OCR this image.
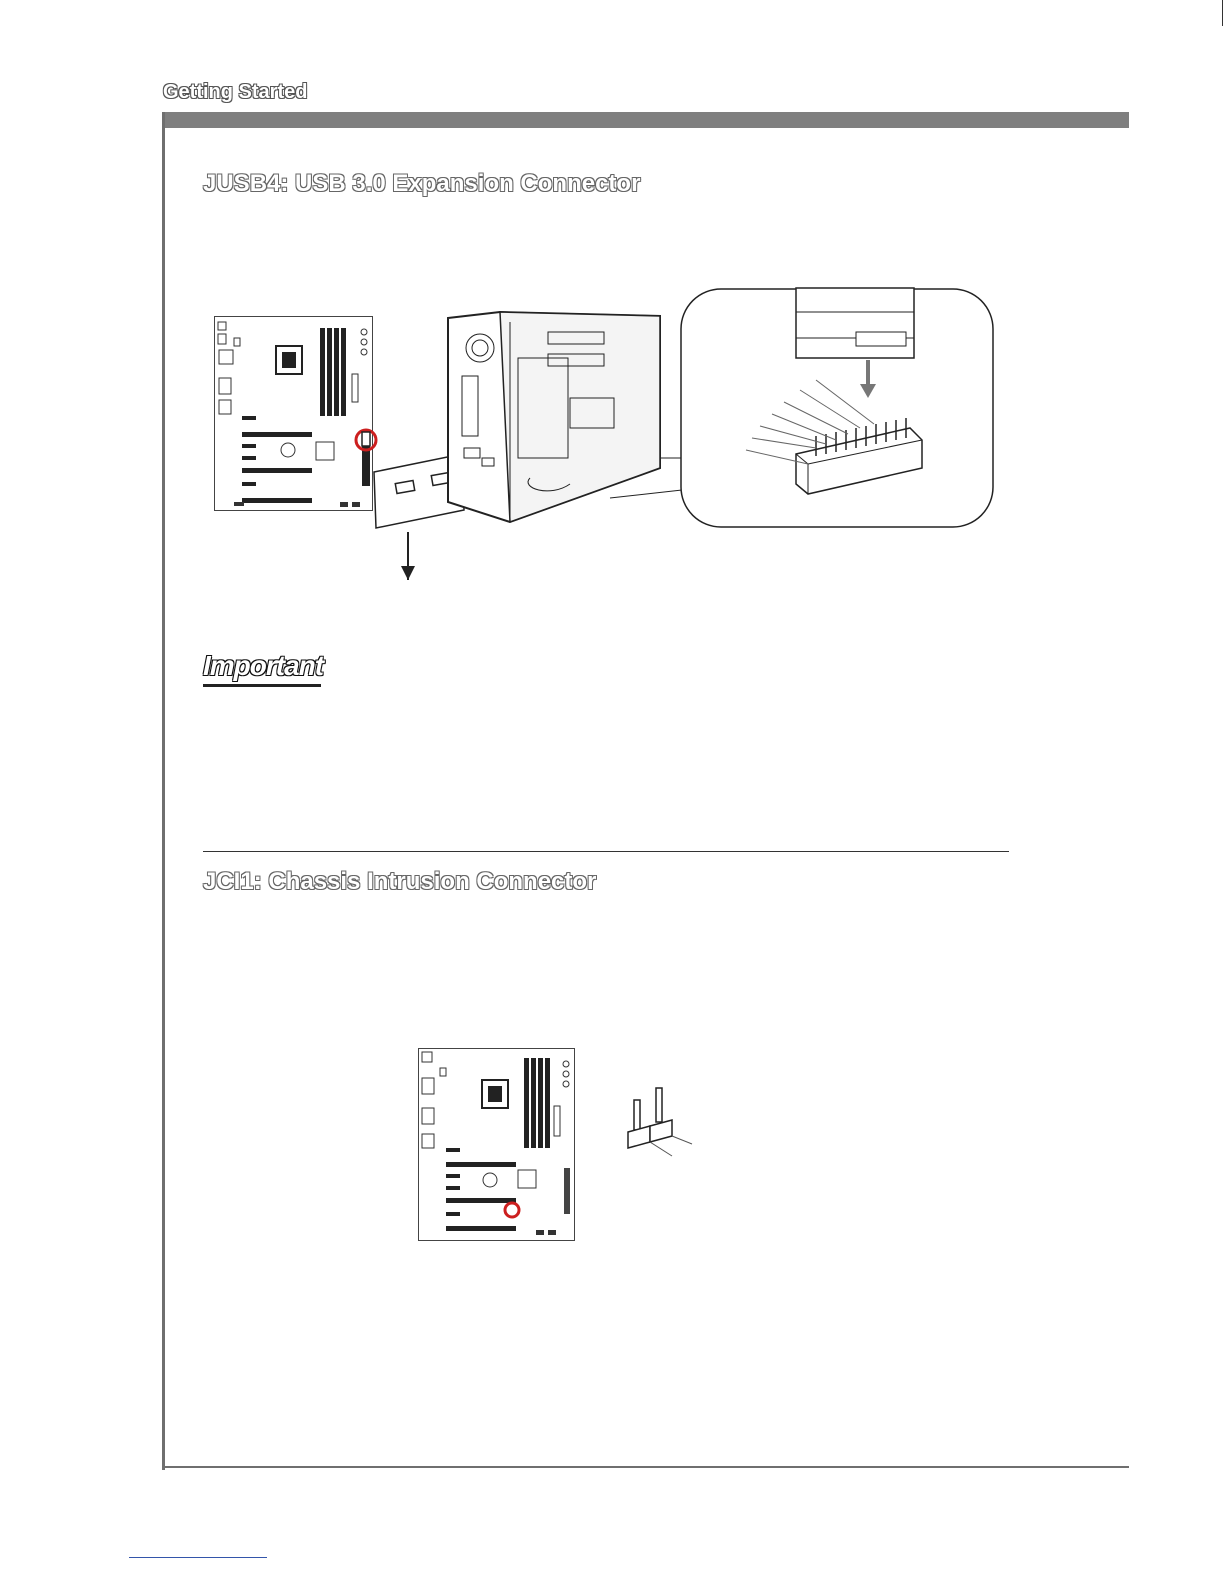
Getting Started
JUSB4: USB 3.0 Expansion Connector
Important
JCI1: Chassis Intrusion Connector
